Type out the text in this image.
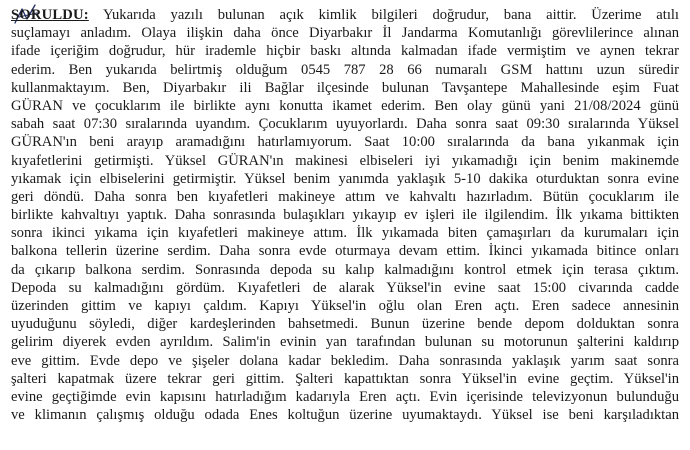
SORULDU: Yukarıda yazılı bulunan açık kimlik bilgileri doğrudur, bana aittir. Üzerime atılı
suçlamayı anladım. Olaya ilişkin daha önce Diyarbakır İl Jandarma Komutanlığı görevlilerince alınan
ifade içeriğim doğrudur, hür irademle hiçbir baskı altında kalmadan ifade vermiştim ve aynen tekrar
ederim. Ben yukarıda belirtmiş olduğum 0545 787 28 66 numaralı GSM hattını uzun süredir
kullanmaktayım. Ben, Diyarbakır ili Bağlar ilçesinde bulunan Tavşantepe Mahallesinde eşim Fuat
GÜRAN ve çocuklarım ile birlikte aynı konutta ikamet ederim. Ben olay günü yani 21/08/2024 günü
sabah saat 07:30 sıralarında uyandım. Çocuklarım uyuyorlardı. Daha sonra saat 09:30 sıralarında Yüksel
GÜRAN'ın beni arayıp aramadığını hatırlamıyorum. Saat 10:00 sıralarında da bana yıkanmak için
kıyafetlerini getirmişti. Yüksel GÜRAN'ın makinesi elbiseleri iyi yıkamadığı için benim makinemde
yıkamak için elbiselerini getirmiştir. Yüksel benim yanımda yaklaşık 5-10 dakika oturduktan sonra evine
geri döndü. Daha sonra ben kıyafetleri makineye attım ve kahvaltı hazırladım. Bütün çocuklarım ile
birlikte kahvaltıyı yaptık. Daha sonrasında bulaşıkları yıkayıp ev işleri ile ilgilendim. İlk yıkama bittikten
sonra ikinci yıkama için kıyafetleri makineye attım. İlk yıkamada biten çamaşırları da kurumaları için
balkona tellerin üzerine serdim. Daha sonra evde oturmaya devam ettim. İkinci yıkamada bitince onları
da çıkarıp balkona serdim. Sonrasında depoda su kalıp kalmadığını kontrol etmek için terasa çıktım.
Depoda su kalmadığını gördüm. Kıyafetleri de alarak Yüksel'in evine saat 15:00 civarında cadde
üzerinden gittim ve kapıyı çaldım. Kapıyı Yüksel'in oğlu olan Eren açtı. Eren sadece annesinin
uyuduğunu söyledi, diğer kardeşlerinden bahsetmedi. Bunun üzerine bende depom dolduktan sonra
gelirim diyerek evden ayrıldım. Salim'in evinin yan tarafından bulunan su motorunun şalterini kaldırıp
eve gittim. Evde depo ve şişeler dolana kadar bekledim. Daha sonrasında yaklaşık yarım saat sonra
şalteri kapatmak üzere tekrar geri gittim. Şalteri kapattıktan sonra Yüksel'in evine geçtim. Yüksel'in
evine geçtiğimde evin kapısını hatırladığım kadarıyla Eren açtı. Evin içerisinde televizyonun bulunduğu
ve klimanın çalışmış olduğu odada Enes koltuğun üzerine uyumaktaydı. Yüksel ise beni karşıladıktan
